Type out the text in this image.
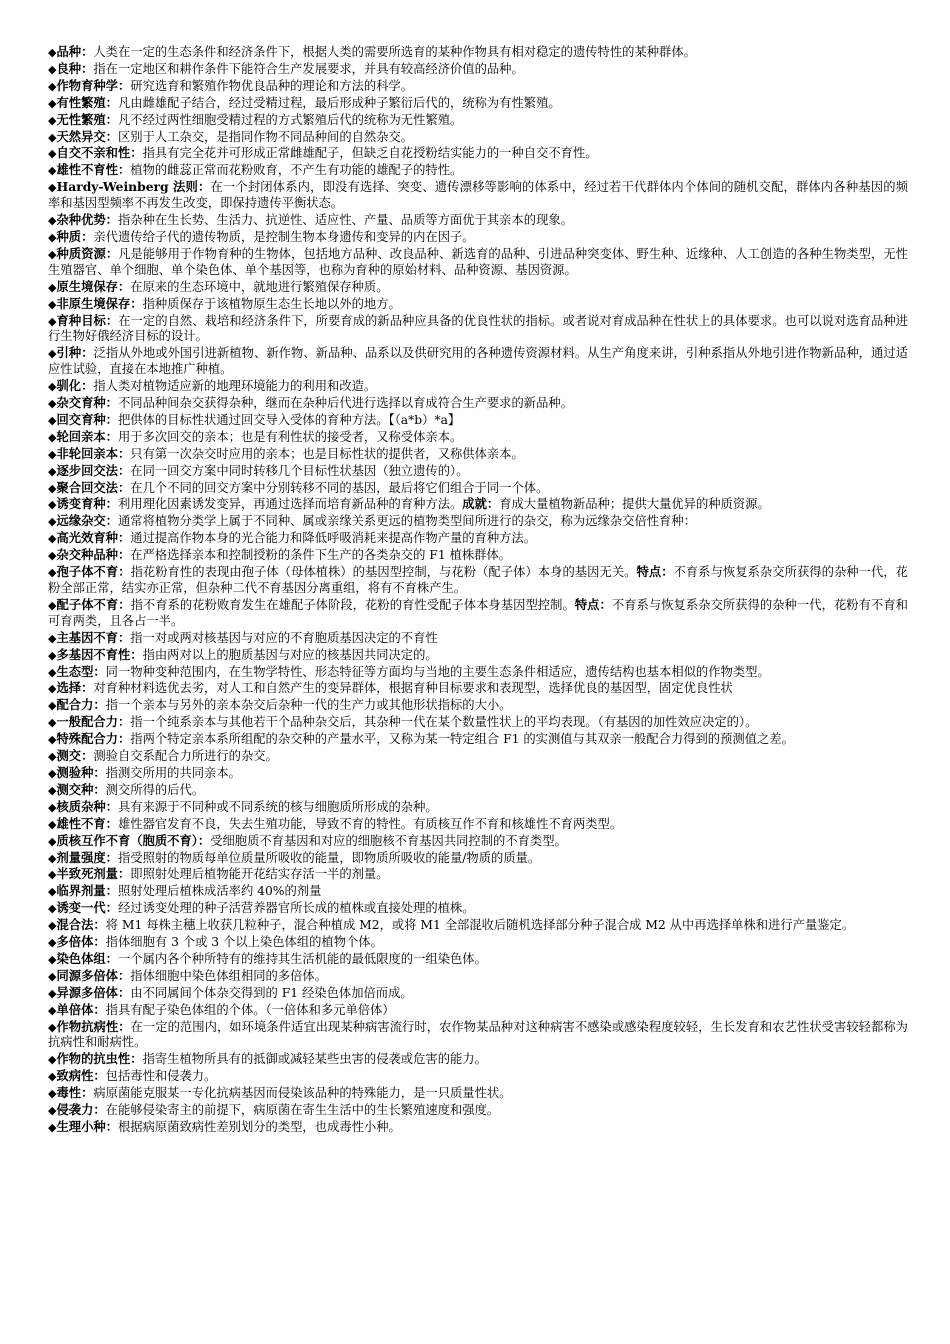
◆品种：人类在一定的生态条件和经济条件下，根据人类的需要所选育的某种作物具有相对稳定的遗传特性的某种群体。

◆良种：指在一定地区和耕作条件下能符合生产发展要求，并具有较高经济价值的品种。

◆作物育种学：研究选育和繁殖作物优良品种的理论和方法的科学。

◆有性繁殖：凡由雌雄配子结合，经过受精过程，最后形成种子繁衍后代的，统称为有性繁殖。

◆无性繁殖：凡不经过两性细胞受精过程的方式繁殖后代的统称为无性繁殖。

◆天然异交：区别于人工杂交，是指同作物不同品种间的自然杂交。

◆自交不亲和性：指具有完全花并可形成正常雌雄配子，但缺乏自花授粉结实能力的一种自交不育性。

◆雄性不育性：植物的雌蕊正常而花粉败育，不产生有功能的雄配子的特性。

◆Hardy-Weinberg 法则：在一个封闭体系内，即没有选择、突变、遗传漂移等影响的体系中，经过若干代群体内个体间的随机交配，群体内各种基因的频率和基因型频率不再发生改变，即保持遗传平衡状态。

◆杂种优势：指杂种在生长势、生活力、抗逆性、适应性、产量、品质等方面优于其亲本的现象。

◆种质：亲代遗传给子代的遗传物质，是控制生物本身遗传和变异的内在因子。

◆种质资源：凡是能够用于作物育种的生物体，包括地方品种、改良品种、新选育的品种、引进品种突变体、野生种、近缘种、人工创造的各种生物类型，无性生殖器官、单个细胞、单个染色体、单个基因等，也称为育种的原始材料、品种资源、基因资源。

◆原生境保存：在原来的生态环境中，就地进行繁殖保存种质。

◆非原生境保存：指种质保存于该植物原生态生长地以外的地方。

◆育种目标：在一定的自然、栽培和经济条件下，所要育成的新品种应具备的优良性状的指标。或者说对育成品种在性状上的具体要求。也可以说对选育品种进行生物好俄经济目标的设计。

◆引种：泛指从外地或外国引进新植物、新作物、新品种、品系以及供研究用的各种遗传资源材料。从生产角度来讲，引种系指从外地引进作物新品种，通过适应性试验，直接在本地推广种植。

◆驯化：指人类对植物适应新的地理环境能力的利用和改造。

◆杂交育种：不同品种间杂交获得杂种，继而在杂种后代进行选择以育成符合生产要求的新品种。

◆回交育种：把供体的目标性状通过回交导入受体的育种方法。【（a*b）*a】

◆轮回亲本：用于多次回交的亲本；也是有利性状的接受者，又称受体亲本。

◆非轮回亲本：只有第一次杂交时应用的亲本；也是目标性状的提供者，又称供体亲本。

◆逐步回交法：在同一回交方案中同时转移几个目标性状基因（独立遗传的）。

◆聚合回交法：在几个不同的回交方案中分别转移不同的基因，最后将它们组合于同一个体。

◆诱变育种：利用理化因素诱发变异，再通过选择而培育新品种的育种方法。成就：育成大量植物新品种；提供大量优异的种质资源。

◆远缘杂交：通常将植物分类学上属于不同种、属或亲缘关系更远的植物类型间所进行的杂交，称为远缘杂交倍性育种：

◆高光效育种：通过提高作物本身的光合能力和降低呼吸消耗来提高作物产量的育种方法。

◆杂交种品种：在严格选择亲本和控制授粉的条件下生产的各类杂交的 F1 植株群体。

◆孢子体不育：指花粉育性的表现由孢子体（母体植株）的基因型控制，与花粉（配子体）本身的基因无关。特点：不育系与恢复系杂交所获得的杂种一代，花粉全部正常，结实亦正常，但杂种二代不育基因分离重组，将有不育株产生。

◆配子体不育：指不育系的花粉败育发生在雄配子体阶段，花粉的育性受配子体本身基因型控制。特点：不育系与恢复系杂交所获得的杂种一代，花粉有不育和可育两类，且各占一半。

◆主基因不育：指一对或两对核基因与对应的不育胞质基因决定的不育性

◆多基因不育性：指由两对以上的胞质基因与对应的核基因共同决定的。

◆生态型：同一物种变种范围内，在生物学特性、形态特征等方面均与当地的主要生态条件相适应，遗传结构也基本相似的作物类型。

◆选择：对育种材料选优去劣，对人工和自然产生的变异群体，根据育种目标要求和表现型，选择优良的基因型，固定优良性状

◆配合力：指一个亲本与另外的亲本杂交后杂种一代的生产力或其他形状指标的大小。

◆一般配合力：指一个纯系亲本与其他若干个品种杂交后，其杂种一代在某个数量性状上的平均表现。（有基因的加性效应决定的）。

◆特殊配合力：指两个特定亲本系所组配的杂交种的产量水平，又称为某一特定组合 F1 的实测值与其双亲一般配合力得到的预测值之差。

◆测交：测验自交系配合力所进行的杂交。

◆测验种：指测交所用的共同亲本。

◆测交种：测交所得的后代。

◆核质杂种：具有来源于不同种或不同系统的核与细胞质所形成的杂种。

◆雄性不育：雄性器官发育不良，失去生殖功能，导致不育的特性。有质核互作不育和核雄性不育两类型。

◆质核互作不育（胞质不育）：受细胞质不育基因和对应的细胞核不育基因共同控制的不育类型。

◆剂量强度：指受照射的物质每单位质量所吸收的能量，即物质所吸收的能量/物质的质量。

◆半致死剂量：即照射处理后植物能开花结实存活一半的剂量。

◆临界剂量：照射处理后植株成活率约 40%的剂量

◆诱变一代：经过诱变处理的种子活营养器官所长成的植株或直接处理的植株。

◆混合法：将 M1 每株主穗上收获几粒种子，混合种植成 M2，或将 M1 全部混收后随机选择部分种子混合成 M2 从中再选择单株和进行产量鉴定。

◆多倍体：指体细胞有 3 个或 3 个以上染色体组的植物个体。

◆染色体组：一个属内各个种所特有的维持其生活机能的最低限度的一组染色体。

◆同源多倍体：指体细胞中染色体组相同的多倍体。

◆异源多倍体：由不同属间个体杂交得到的 F1 经染色体加倍而成。

◆单倍体：指具有配子染色体组的个体。（一倍体和多元单倍体）

◆作物抗病性：在一定的范围内，如环境条件适宜出现某种病害流行时，农作物某品种对这种病害不感染或感染程度较轻，生长发育和农艺性状受害较轻都称为抗病性和耐病性。

◆作物的抗虫性：指寄生植物所具有的抵御或减轻某些虫害的侵袭或危害的能力。

◆致病性：包括毒性和侵袭力。

◆毒性：病原菌能克服某一专化抗病基因而侵染该品种的特殊能力，是一只质量性状。

◆侵袭力：在能够侵染寄主的前提下，病原菌在寄生生活中的生长繁殖速度和强度。

◆生理小种：根据病原菌致病性差别划分的类型，也成毒性小种。
